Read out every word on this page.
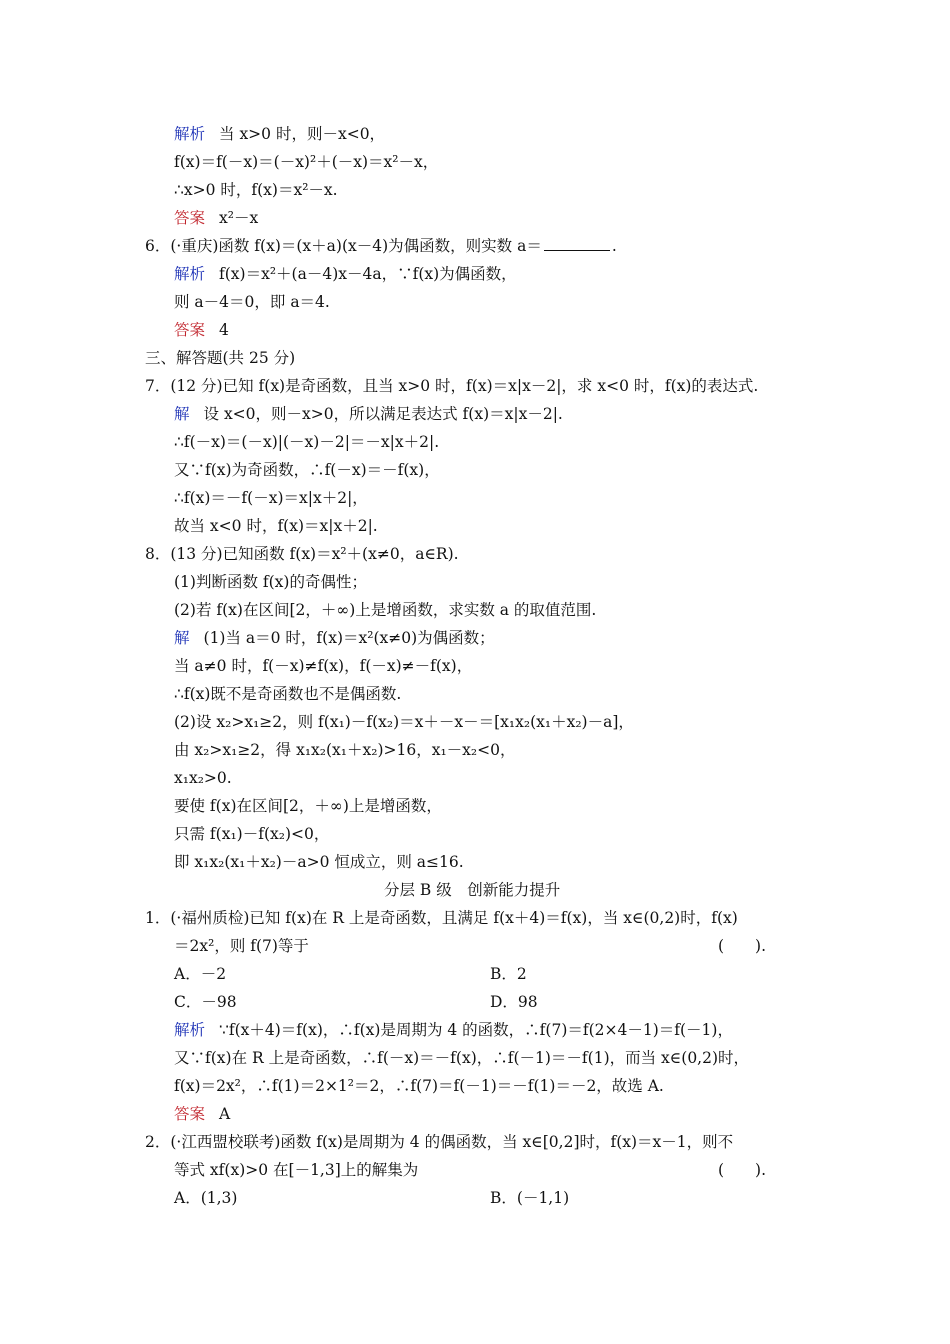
解析 当 x>0 时，则－x<0，
f(x)＝f(－x)＝(－x)²＋(－x)＝x²－x，
∴x>0 时，f(x)＝x²－x.
答案 x²－x
6．(·重庆)函数 f(x)＝(x＋a)(x－4)为偶函数，则实数 a＝	.
解析 f(x)＝x²＋(a－4)x－4a，∵f(x)为偶函数，
则 a－4＝0，即 a＝4.
答案 4
三、解答题(共 25 分)
7．(12 分)已知 f(x)是奇函数，且当 x>0 时，f(x)＝x|x－2|，求 x<0 时，f(x)的表达式.
解 设 x<0，则－x>0，所以满足表达式 f(x)＝x|x－2|.
∴f(－x)＝(－x)|(－x)－2|＝－x|x＋2|.
又∵f(x)为奇函数，∴f(－x)＝－f(x)，
∴f(x)＝－f(－x)＝x|x＋2|，
故当 x<0 时，f(x)＝x|x＋2|.
8．(13 分)已知函数 f(x)＝x²＋(x≠0，a∈R).
(1)判断函数 f(x)的奇偶性；
(2)若 f(x)在区间[2，＋∞)上是增函数，求实数 a 的取值范围.
解 (1)当 a＝0 时，f(x)＝x²(x≠0)为偶函数；
当 a≠0 时，f(－x)≠f(x)，f(－x)≠－f(x)，
∴f(x)既不是奇函数也不是偶函数.
(2)设 x₂>x₁≥2，则 f(x₁)－f(x₂)＝x＋－x－＝[x₁x₂(x₁＋x₂)－a]，
由 x₂>x₁≥2，得 x₁x₂(x₁＋x₂)>16，x₁－x₂<0，
x₁x₂>0.
要使 f(x)在区间[2，＋∞)上是增函数，
只需 f(x₁)－f(x₂)<0，
即 x₁x₂(x₁＋x₂)－a>0 恒成立，则 a≤16.
分层 B 级　创新能力提升
1．(·福州质检)已知 f(x)在 R 上是奇函数，且满足 f(x＋4)＝f(x)，当 x∈(0,2)时，f(x)
＝2x²，则 f(7)等于	(　　).
A．－2	B．2
C．－98	D．98
解析 ∵f(x＋4)＝f(x)，∴f(x)是周期为 4 的函数，∴f(7)＝f(2×4－1)＝f(－1)，
又∵f(x)在 R 上是奇函数，∴f(－x)＝－f(x)，∴f(－1)＝－f(1)，而当 x∈(0,2)时，
f(x)＝2x²，∴f(1)＝2×1²＝2，∴f(7)＝f(－1)＝－f(1)＝－2，故选 A.
答案 A
2．(·江西盟校联考)函数 f(x)是周期为 4 的偶函数，当 x∈[0,2]时，f(x)＝x－1，则不
等式 xf(x)>0 在[－1,3]上的解集为	(　　).
A．(1,3)	B．(－1,1)
